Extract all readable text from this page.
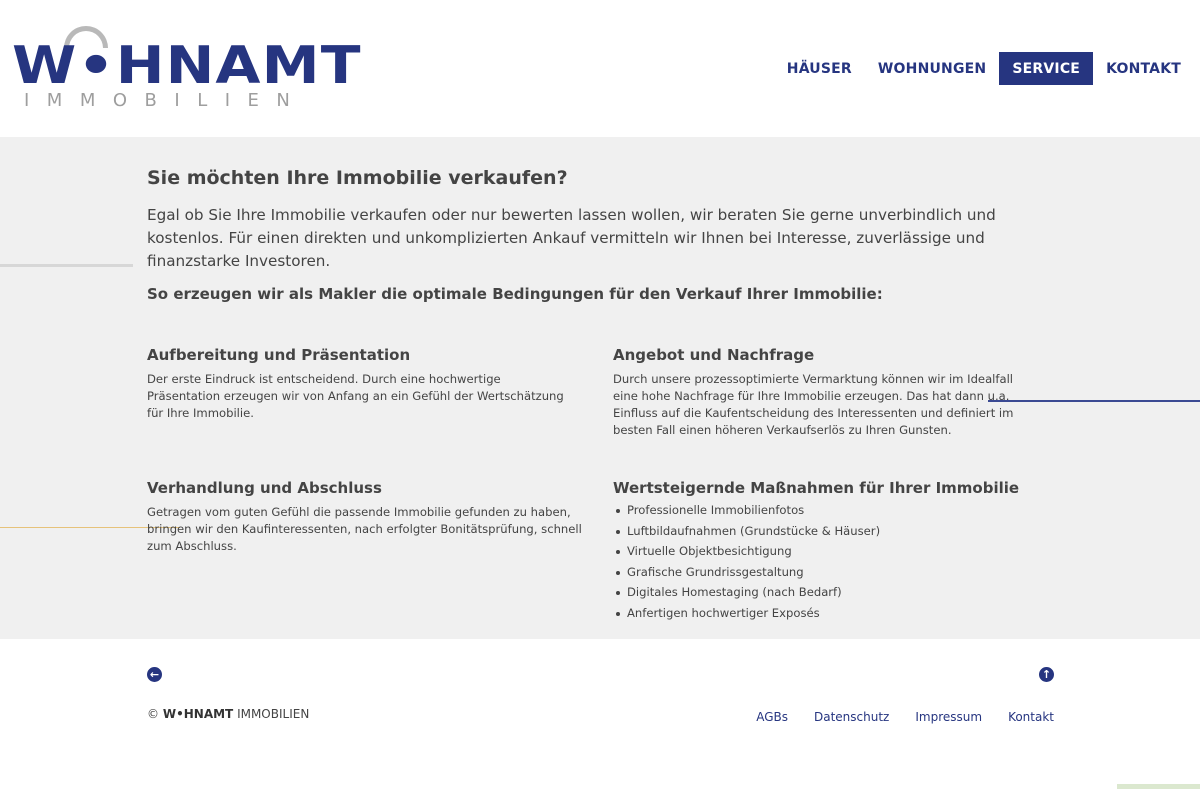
W•HNAMT
IMMOBILIEN
HÄUSER	WOHNUNGEN	SERVICE	KONTAKT
Sie möchten Ihre Immobilie verkaufen?

Egal ob Sie Ihre Immobilie verkaufen oder nur bewerten lassen wollen, wir beraten Sie gerne unverbindlich und kostenlos. Für einen direkten und unkomplizierten Ankauf vermitteln wir Ihnen bei Interesse, zuverlässige und finanzstarke Investoren.

So erzeugen wir als Makler die optimale Bedingungen für den Verkauf Ihrer Immobilie:
Aufbereitung und Präsentation

Der erste Eindruck ist entscheidend. Durch eine hochwertige Präsentation erzeugen wir von Anfang an ein Gefühl der Wertschätzung für Ihre Immobilie.

Angebot und Nachfrage

Durch unsere prozessoptimierte Vermarktung können wir im Idealfall eine hohe Nachfrage für Ihre Immobilie erzeugen. Das hat dann u.a. Einfluss auf die Kaufentscheidung des Interessenten und definiert im besten Fall einen höheren Verkaufserlös zu Ihren Gunsten.

Verhandlung und Abschluss

Getragen vom guten Gefühl die passende Immobilie gefunden zu haben, bringen wir den Kaufinteressenten, nach erfolgter Bonitätsprüfung, schnell zum Abschluss.

Wertsteigernde Maßnahmen für Ihrer Immobilie
Professionelle Immobilienfotos
Luftbildaufnahmen (Grundstücke & Häuser)
Virtuelle Objektbesichtigung
Grafische Grundrissgestaltung
Digitales Homestaging (nach Bedarf)
Anfertigen hochwertiger Exposés
←	↑
© W•HNAMT IMMOBILIEN	AGBs Datenschutz Impressum Kontakt
